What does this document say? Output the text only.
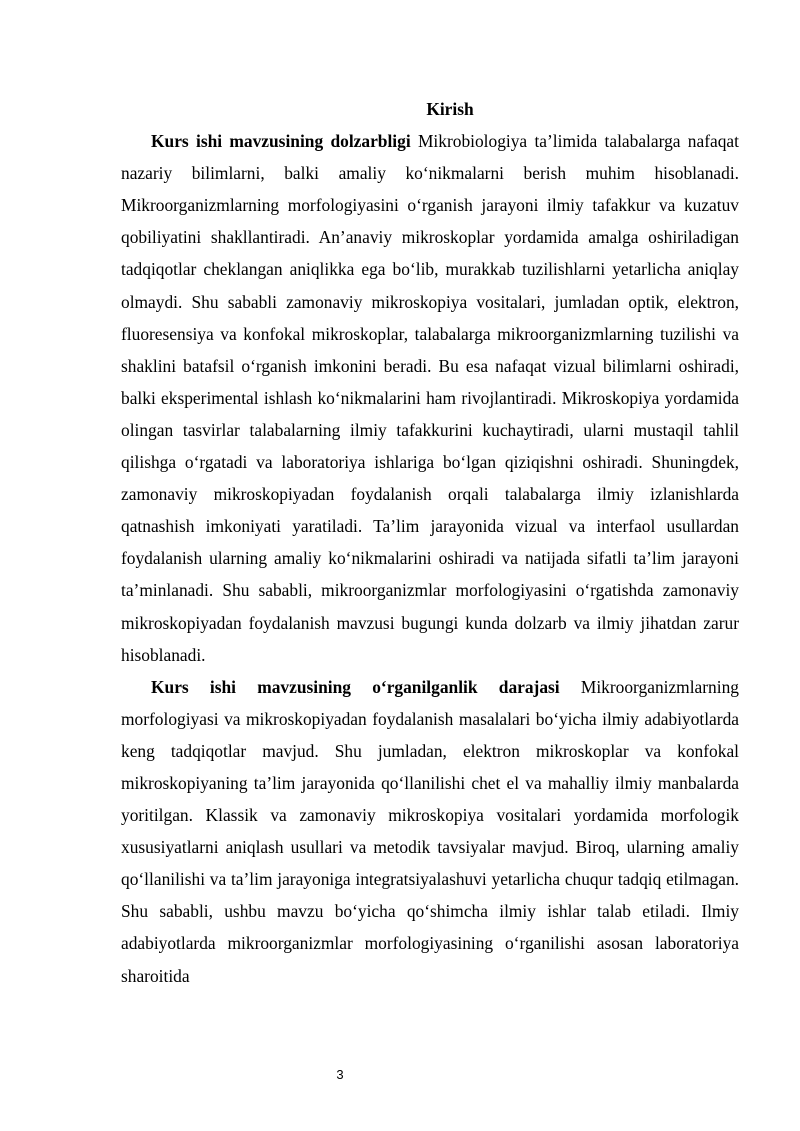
Kirish

Kurs ishi mavzusining dolzarbligi Mikrobiologiya ta’limida talabalarga nafaqat nazariy bilimlarni, balki amaliy ko‘nikmalarni berish muhim hisoblanadi. Mikroorganizmlarning morfologiyasini o‘rganish jarayoni ilmiy tafakkur va kuzatuv qobiliyatini shakllantiradi. An’anaviy mikroskoplar yordamida amalga oshiriladigan tadqiqotlar cheklangan aniqlikka ega bo‘lib, murakkab tuzilishlarni yetarlicha aniqlay olmaydi. Shu sababli zamonaviy mikroskopiya vositalari, jumladan optik, elektron, fluoresensiya va konfokal mikroskoplar, talabalarga mikroorganizmlarning tuzilishi va shaklini batafsil o‘rganish imkonini beradi. Bu esa nafaqat vizual bilimlarni oshiradi, balki eksperimental ishlash ko‘nikmalarini ham rivojlantiradi. Mikroskopiya yordamida olingan tasvirlar talabalarning ilmiy tafakkurini kuchaytiradi, ularni mustaqil tahlil qilishga o‘rgatadi va laboratoriya ishlariga bo‘lgan qiziqishni oshiradi. Shuningdek, zamonaviy mikroskopiyadan foydalanish orqali talabalarga ilmiy izlanishlarda qatnashish imkoniyati yaratiladi. Ta’lim jarayonida vizual va interfaol usullardan foydalanish ularning amaliy ko‘nikmalarini oshiradi va natijada sifatli ta’lim jarayoni ta’minlanadi. Shu sababli, mikroorganizmlar morfologiyasini o‘rgatishda zamonaviy mikroskopiyadan foydalanish mavzusi bugungi kunda dolzarb va ilmiy jihatdan zarur hisoblanadi.

Kurs ishi mavzusining o‘rganilganlik darajasi Mikroorganizmlarning morfologiyasi va mikroskopiyadan foydalanish masalalari bo‘yicha ilmiy adabiyotlarda keng tadqiqotlar mavjud. Shu jumladan, elektron mikroskoplar va konfokal mikroskopiyaning ta’lim jarayonida qo‘llanilishi chet el va mahalliy ilmiy manbalarda yoritilgan. Klassik va zamonaviy mikroskopiya vositalari yordamida morfologik xususiyatlarni aniqlash usullari va metodik tavsiyalar mavjud. Biroq, ularning amaliy qo‘llanilishi va ta’lim jarayoniga integratsiyalashuvi yetarlicha chuqur tadqiq etilmagan. Shu sababli, ushbu mavzu bo‘yicha qo‘shimcha ilmiy ishlar talab etiladi. Ilmiy adabiyotlarda mikroorganizmlar morfologiyasining o‘rganilishi asosan laboratoriya sharoitida

3
